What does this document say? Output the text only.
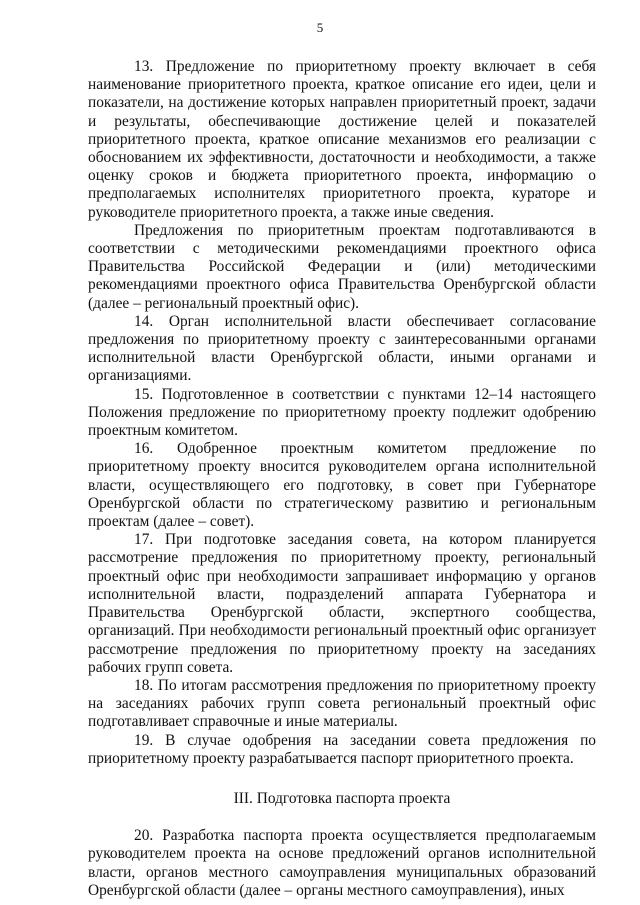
5

13. Предложение по приоритетному проекту включает в себя наименование приоритетного проекта, краткое описание его идеи, цели и показатели, на достижение которых направлен приоритетный проект, задачи и результаты, обеспечивающие достижение целей и показателей приоритетного проекта, краткое описание механизмов его реализации с обоснованием их эффективности, достаточности и необходимости, а также оценку сроков и бюджета приоритетного проекта, информацию о предполагаемых исполнителях приоритетного проекта, кураторе и руководителе приоритетного проекта, а также иные сведения.

Предложения по приоритетным проектам подготавливаются в соответствии с методическими рекомендациями проектного офиса Правительства Российской Федерации и (или) методическими рекомендациями проектного офиса Правительства Оренбургской области (далее – региональный проектный офис).

14. Орган исполнительной власти обеспечивает согласование предложения по приоритетному проекту с заинтересованными органами исполнительной власти Оренбургской области, иными органами и организациями.

15. Подготовленное в соответствии с пунктами 12–14 настоящего Положения предложение по приоритетному проекту подлежит одобрению проектным комитетом.

16. Одобренное проектным комитетом предложение по приоритетному проекту вносится руководителем органа исполнительной власти, осуществляющего его подготовку, в совет при Губернаторе Оренбургской области по стратегическому развитию и региональным проектам (далее – совет).

17. При подготовке заседания совета, на котором планируется рассмотрение предложения по приоритетному проекту, региональный проектный офис при необходимости запрашивает информацию у органов исполнительной власти, подразделений аппарата Губернатора и Правительства Оренбургской области, экспертного сообщества, организаций. При необходимости региональный проектный офис организует рассмотрение предложения по приоритетному проекту на заседаниях рабочих групп совета.

18. По итогам рассмотрения предложения по приоритетному проекту на заседаниях рабочих групп совета региональный проектный офис подготавливает справочные и иные материалы.

19. В случае одобрения на заседании совета предложения по приоритетному проекту разрабатывается паспорт приоритетного проекта.

III. Подготовка паспорта проекта

20. Разработка паспорта проекта осуществляется предполагаемым руководителем проекта на основе предложений органов исполнительной власти, органов местного самоуправления муниципальных образований Оренбургской области (далее – органы местного самоуправления), иных
